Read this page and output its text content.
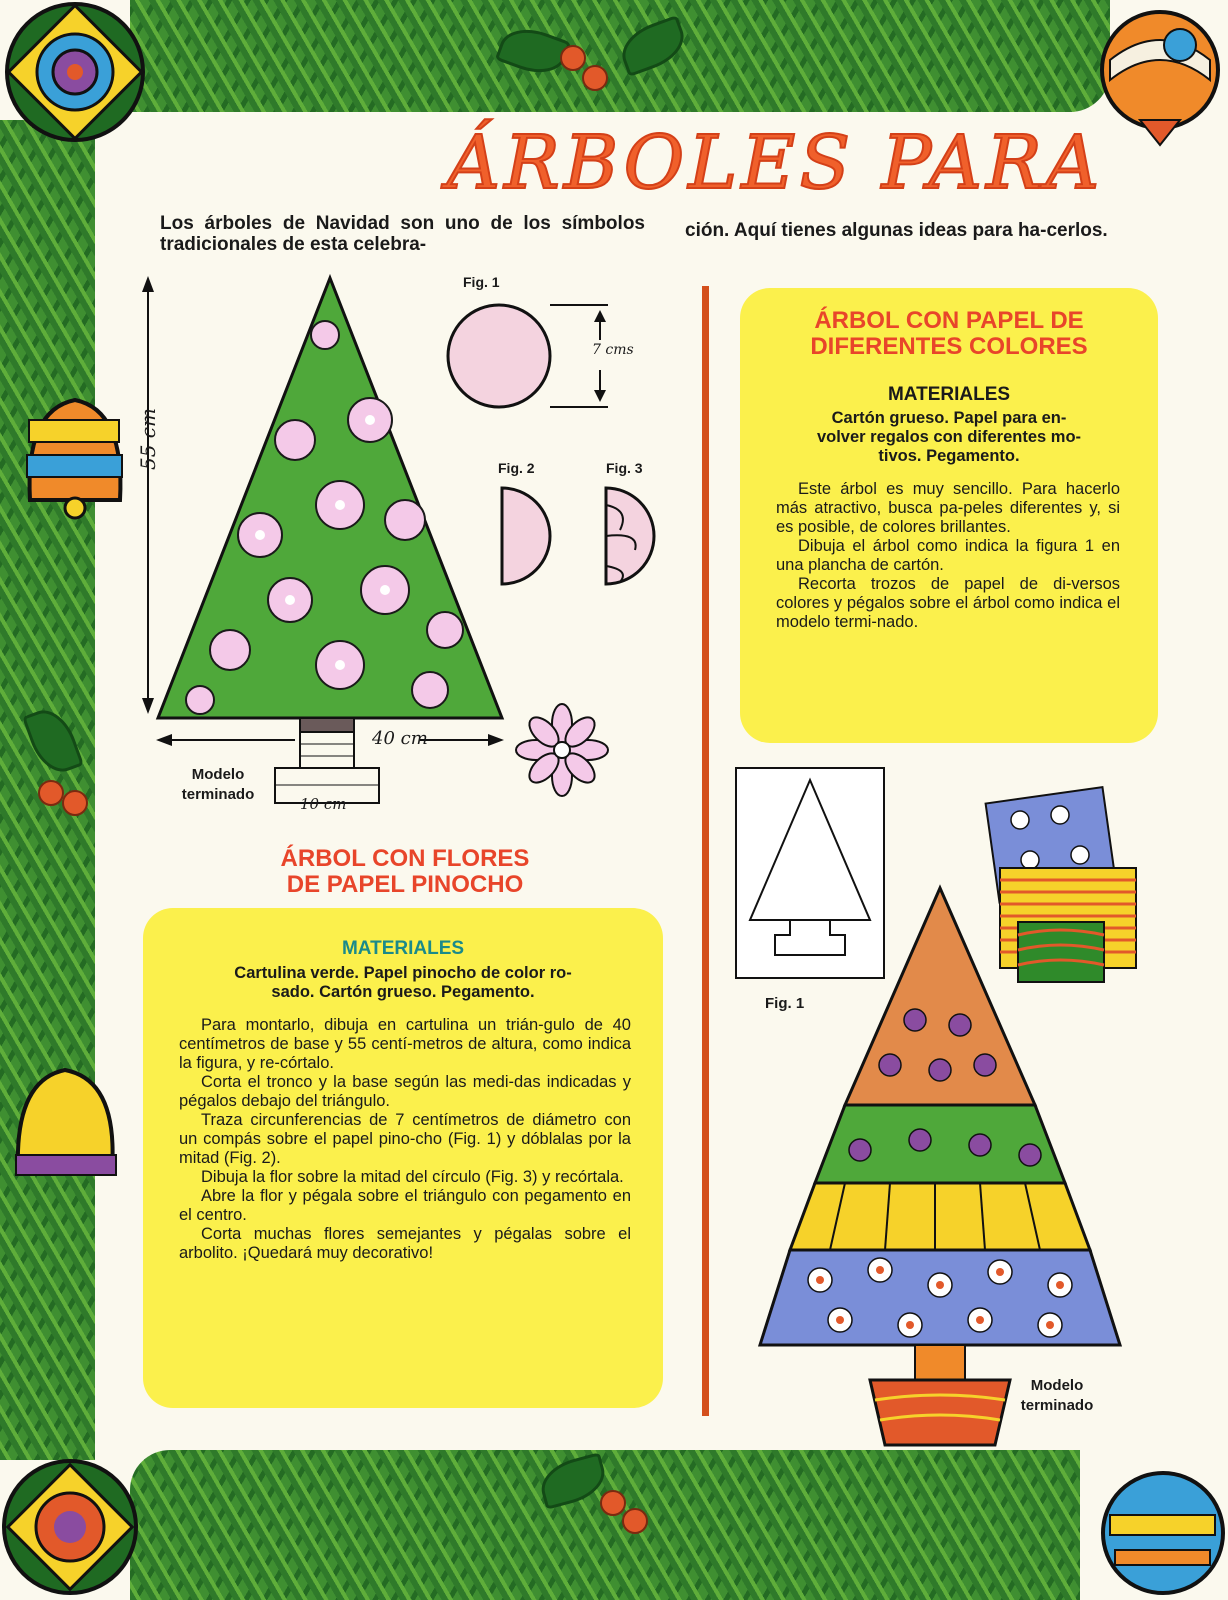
ÁRBOLES PARA
Los árboles de Navidad son uno de los símbolos tradicionales de esta celebra-
ción. Aquí tienes algunas ideas para ha-cerlos.
55 cm
40 cm
10 cm
7 cms
Fig. 1
Fig. 2	Fig. 3
Modelo
terminado
ÁRBOL CON FLORES
DE PAPEL PINOCHO
MATERIALES
Cartulina verde. Papel pinocho de color ro-
sado. Cartón grueso. Pegamento.

Para montarlo, dibuja en cartulina un trián-gulo de 40 centímetros de base y 55 centí-metros de altura, como indica la figura, y re-córtalo.

Corta el tronco y la base según las medi-das indicadas y pégalos debajo del triángulo.

Traza circunferencias de 7 centímetros de diámetro con un compás sobre el papel pino-cho (Fig. 1) y dóblalas por la mitad (Fig. 2).

Dibuja la flor sobre la mitad del círculo (Fig. 3) y recórtala.

Abre la flor y pégala sobre el triángulo con pegamento en el centro.

Corta muchas flores semejantes y pégalas sobre el arbolito. ¡Quedará muy decorativo!

ÁRBOL CON PAPEL DE
DIFERENTES COLORES
MATERIALES
Cartón grueso. Papel para en-
volver regalos con diferentes mo-
tivos. Pegamento.

Este árbol es muy sencillo. Para hacerlo más atractivo, busca pa-peles diferentes y, si es posible, de colores brillantes.

Dibuja el árbol como indica la figura 1 en una plancha de cartón.

Recorta trozos de papel de di-versos colores y pégalos sobre el árbol como indica el modelo termi-nado.

Fig. 1
Modelo
terminado
